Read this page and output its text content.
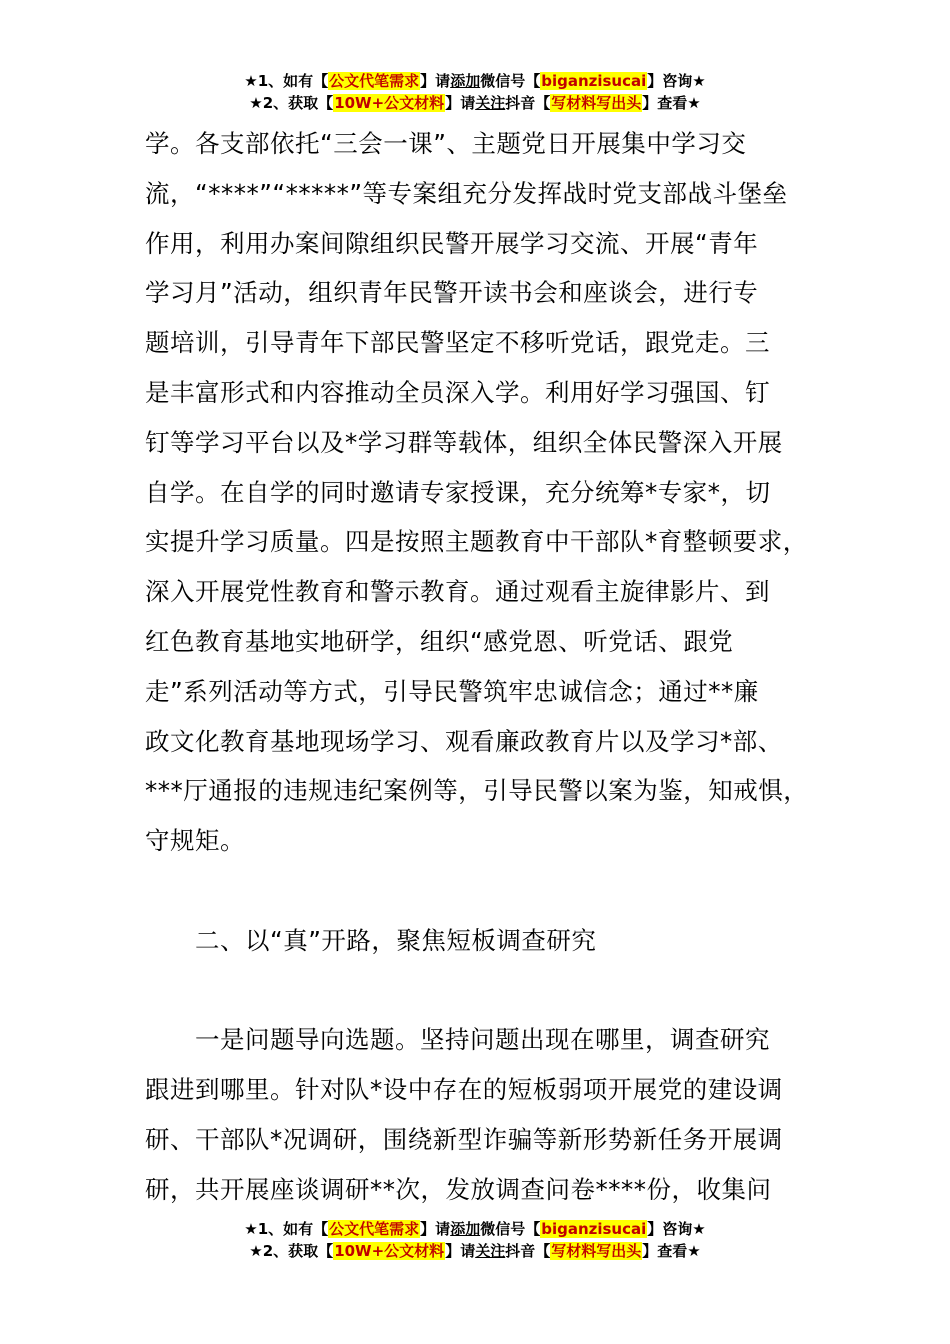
★1、如有【公文代笔需求】请添加微信号【biganzisucai】咨询★
★2、获取【10W+公文材料】请关注抖音【写材料写出头】查看★
学。各支部依托“三会一课”、主题党日开展集中学习交
流，“****”“*****”等专案组充分发挥战时党支部战斗堡垒
作用，利用办案间隙组织民警开展学习交流、开展“青年
学习月”活动，组织青年民警开读书会和座谈会，进行专
题培训，引导青年下部民警坚定不移听党话，跟党走。三
是丰富形式和内容推动全员深入学。利用好学习强国、钉
钉等学习平台以及*学习群等载体，组织全体民警深入开展
自学。在自学的同时邀请专家授课，充分统筹*专家*，切
实提升学习质量。四是按照主题教育中干部队*育整顿要求，
深入开展党性教育和警示教育。通过观看主旋律影片、到
红色教育基地实地研学，组织“感党恩、听党话、跟党
走”系列活动等方式，引导民警筑牢忠诚信念；通过**廉
政文化教育基地现场学习、观看廉政教育片以及学习*部、
***厅通报的违规违纪案例等，引导民警以案为鉴，知戒惧，
守规矩。
二、以“真”开路，聚焦短板调查研究
一是问题导向选题。坚持问题出现在哪里，调查研究
跟进到哪里。针对队*设中存在的短板弱项开展党的建设调
研、干部队*况调研，围绕新型诈骗等新形势新任务开展调
研，共开展座谈调研**次，发放调查问卷****份，收集问
★1、如有【公文代笔需求】请添加微信号【biganzisucai】咨询★
★2、获取【10W+公文材料】请关注抖音【写材料写出头】查看★
